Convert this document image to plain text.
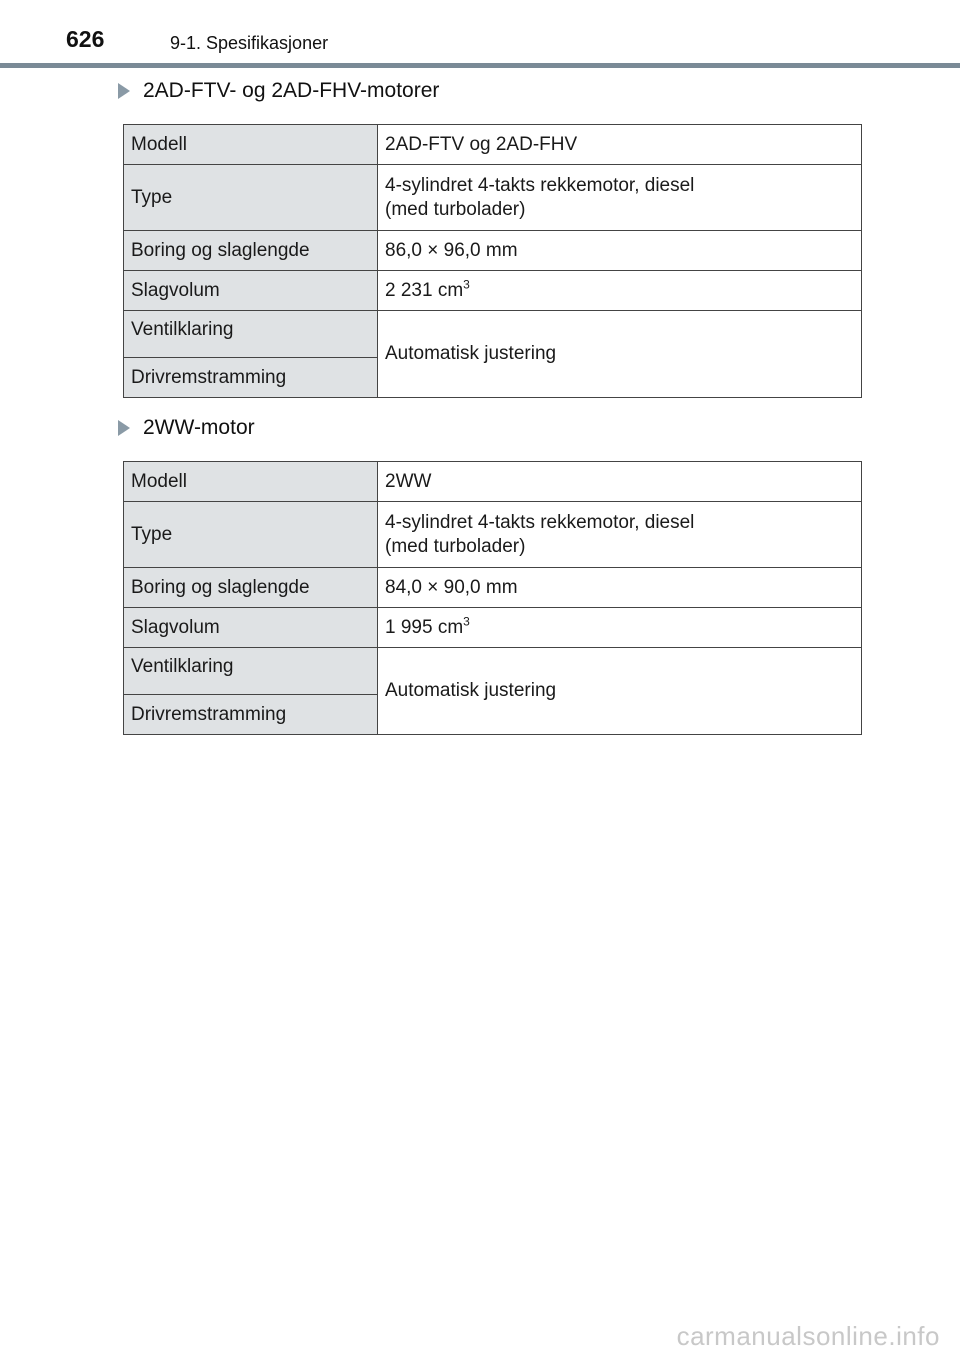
626	9-1. Spesifikasjoner
2AD-FTV- og 2AD-FHV-motorer
Modell	2AD-FTV og 2AD-FHV
Type	4-sylindret 4-takts rekkemotor, diesel
(med turbolader)

Boring og slaglengde	86,0 × 96,0 mm
Slagvolum	2 231 $cm^3$
Ventilklaring	Automatisk justering
Drivremstramming	
2WW-motor
Modell	2WW
Type	4-sylindret 4-takts rekkemotor, diesel
(med turbolader)

Boring og slaglengde	84,0 × 90,0 mm
Slagvolum	1 995 $cm^3$
Ventilklaring	Automatisk justering
Drivremstramming	
carmanualsonline.info
